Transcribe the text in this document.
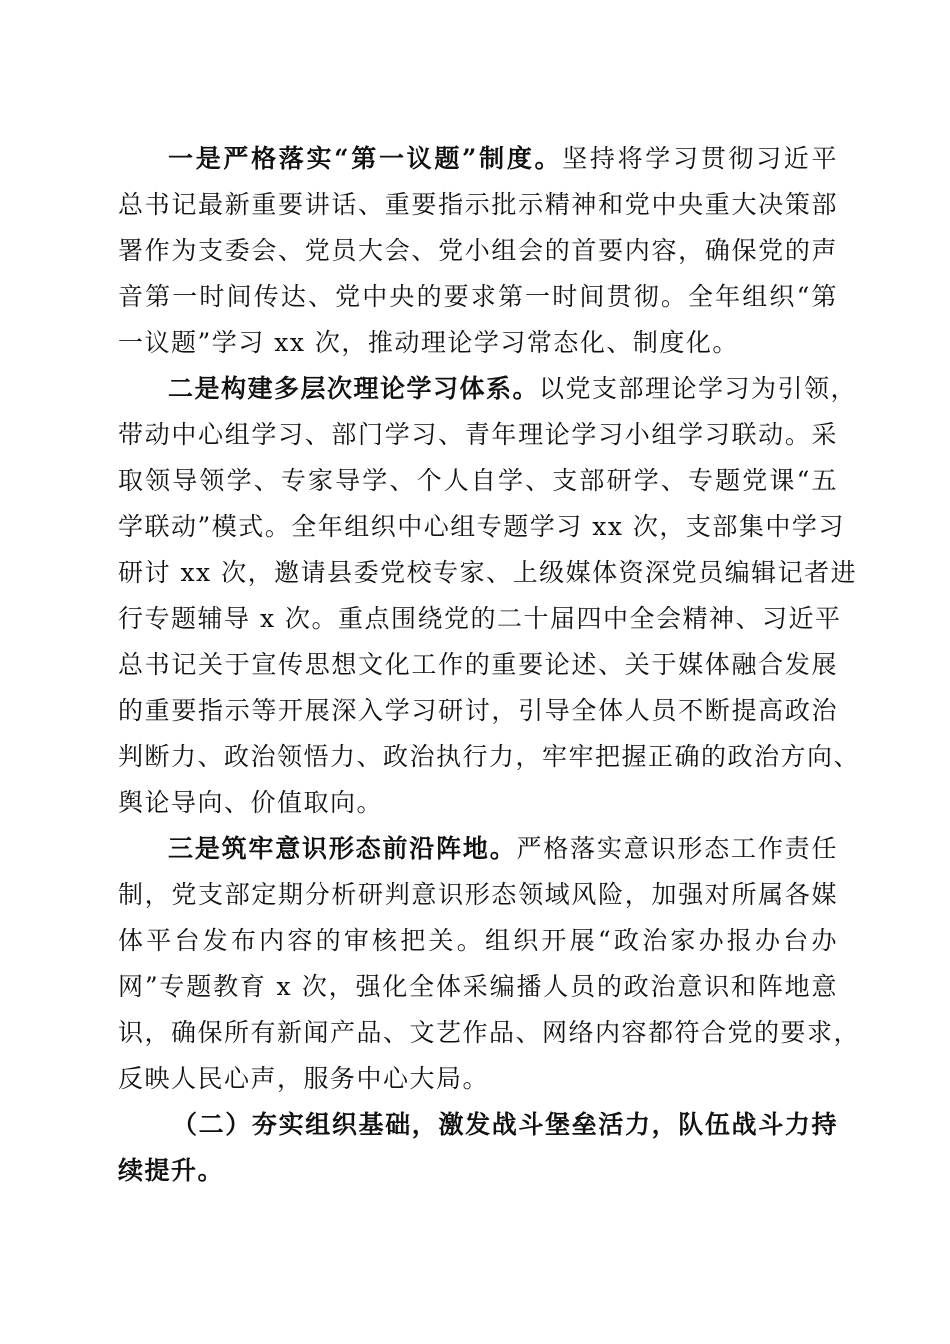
一是严格落实“第一议题”制度。坚持将学习贯彻习近平
总书记最新重要讲话、重要指示批示精神和党中央重大决策部
署作为支委会、党员大会、党小组会的首要内容，确保党的声
音第一时间传达、党中央的要求第一时间贯彻。全年组织“第
一议题”学习 xx 次，推动理论学习常态化、制度化。
二是构建多层次理论学习体系。以党支部理论学习为引领，
带动中心组学习、部门学习、青年理论学习小组学习联动。采
取领导领学、专家导学、个人自学、支部研学、专题党课“五
学联动”模式。全年组织中心组专题学习 xx 次，支部集中学习
研讨 xx 次，邀请县委党校专家、上级媒体资深党员编辑记者进
行专题辅导 x 次。重点围绕党的二十届四中全会精神、习近平
总书记关于宣传思想文化工作的重要论述、关于媒体融合发展
的重要指示等开展深入学习研讨，引导全体人员不断提高政治
判断力、政治领悟力、政治执行力，牢牢把握正确的政治方向、
舆论导向、价值取向。
三是筑牢意识形态前沿阵地。严格落实意识形态工作责任
制，党支部定期分析研判意识形态领域风险，加强对所属各媒
体平台发布内容的审核把关。组织开展“政治家办报办台办
网”专题教育 x 次，强化全体采编播人员的政治意识和阵地意
识，确保所有新闻产品、文艺作品、网络内容都符合党的要求，
反映人民心声，服务中心大局。
（二）夯实组织基础，激发战斗堡垒活力，队伍战斗力持
续提升。
